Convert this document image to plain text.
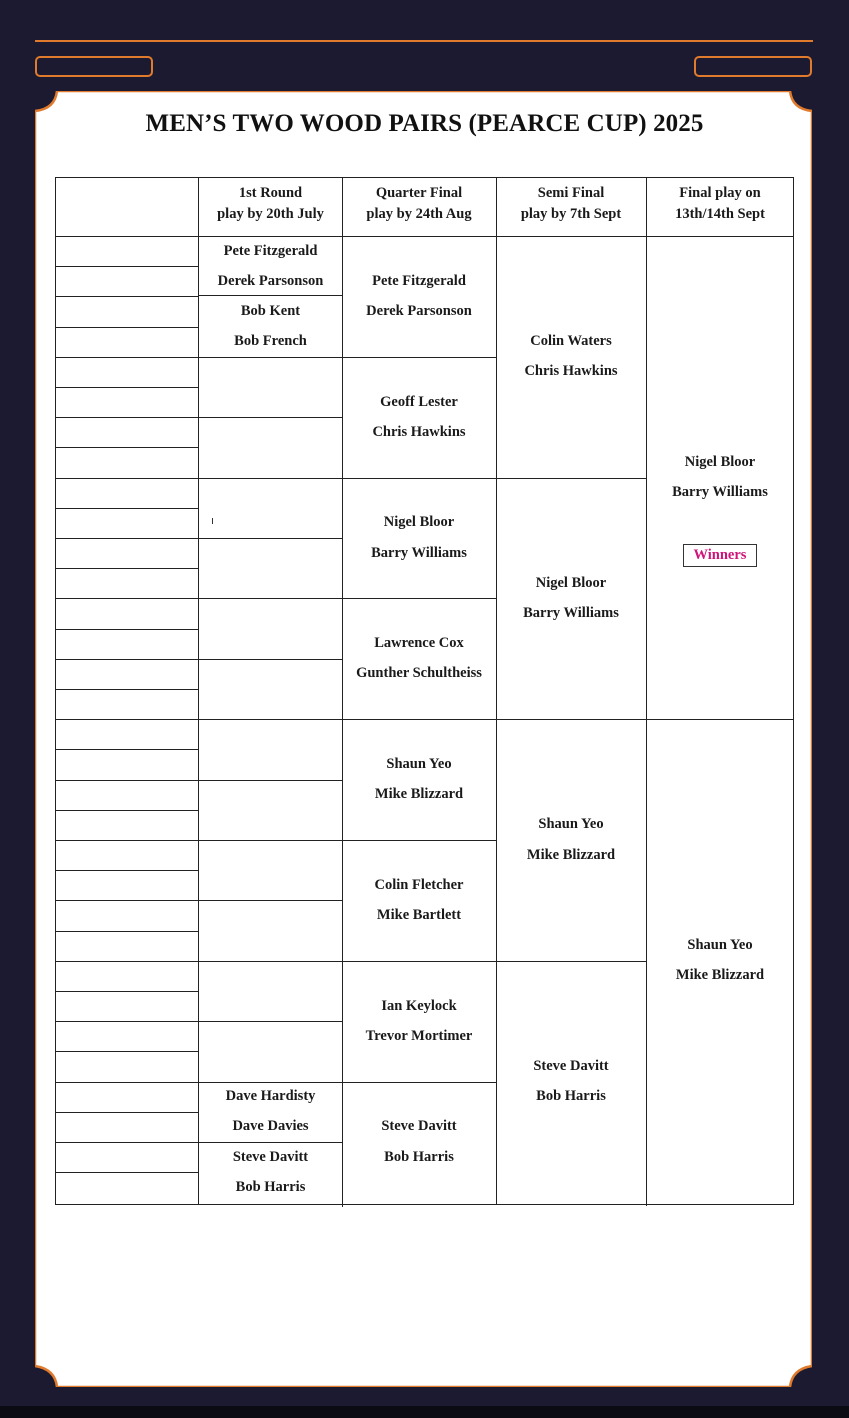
MEN’S TWO WOOD PAIRS (PEARCE CUP) 2025
1st Round
play by 20th July
Quarter Final
play by 24th Aug
Semi Final
play by 7th Sept
Final play on
13th/14th Sept
Pete Fitzgerald
Derek Parsonson
Bob Kent
Bob French
Dave Hardisty
Dave Davies
Steve Davitt
Bob Harris
Pete Fitzgerald
Derek Parsonson
Geoff Lester
Chris Hawkins
Nigel Bloor
Barry Williams
Lawrence Cox
Gunther Schultheiss
Shaun Yeo
Mike Blizzard
Colin Fletcher
Mike Bartlett
Ian Keylock
Trevor Mortimer
Steve Davitt
Bob Harris
Colin Waters
Chris Hawkins
Nigel Bloor
Barry Williams
Shaun Yeo
Mike Blizzard
Steve Davitt
Bob Harris
Nigel Bloor
Barry Williams
Winners
Shaun Yeo
Mike Blizzard
